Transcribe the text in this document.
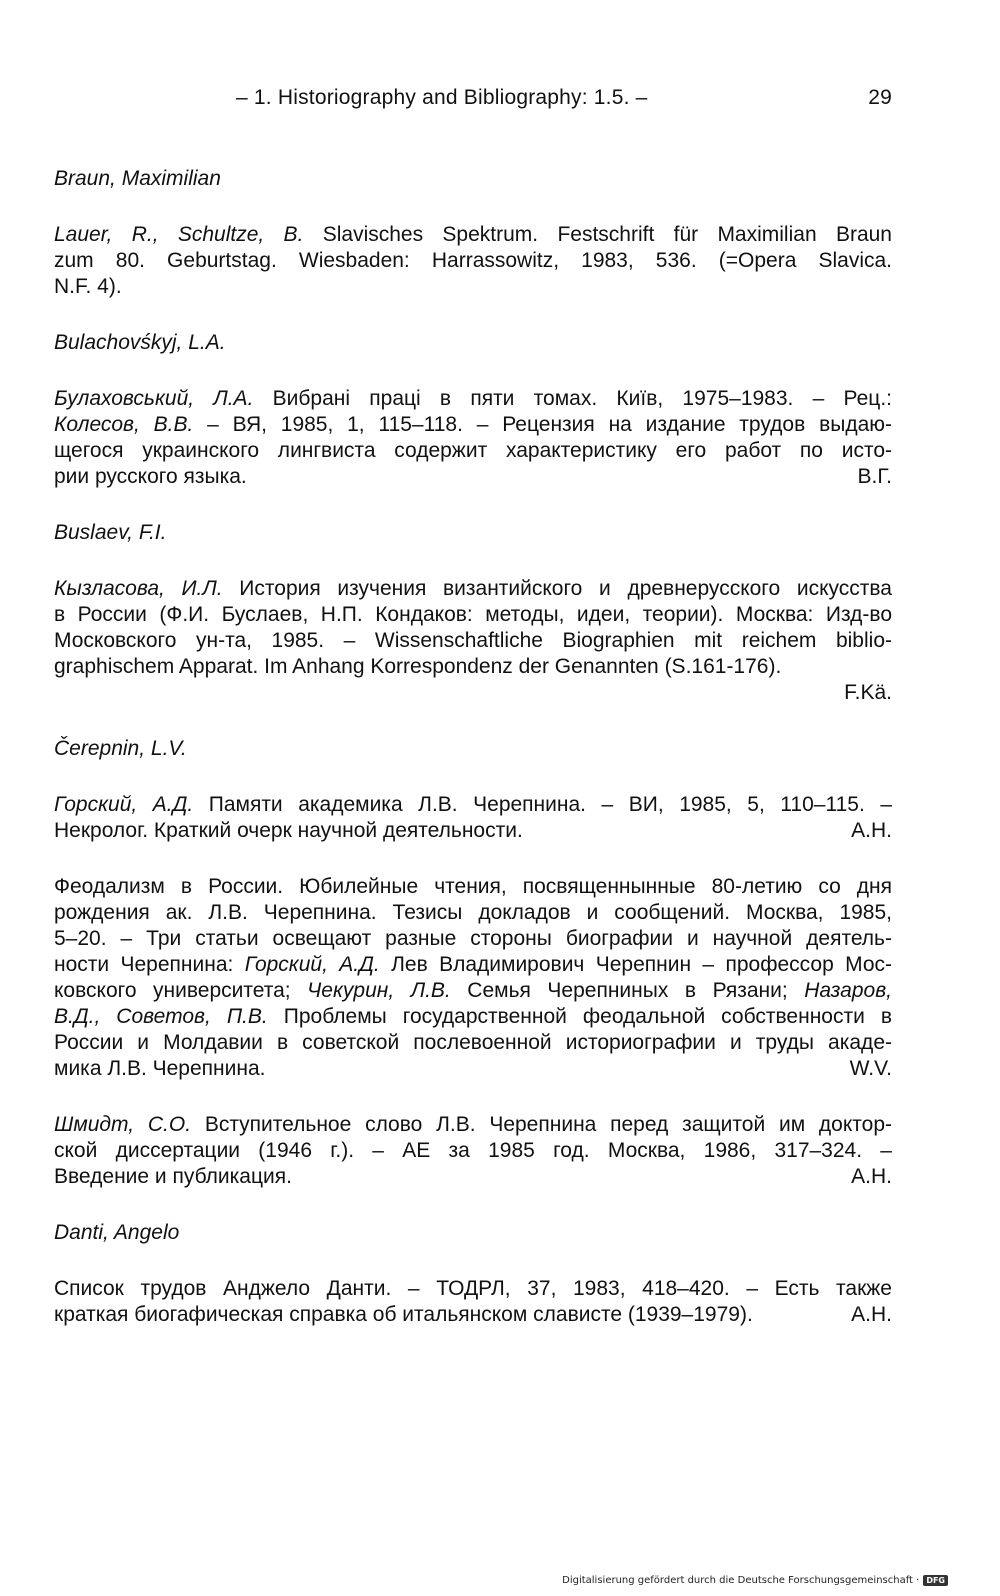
– 1. Historiography and Bibliography: 1.5. –	29
Braun, Maximilian
Lauer, R., Schultze, B. Slavisches Spektrum. Festschrift für Maximilian Braun
zum 80. Geburtstag. Wiesbaden: Harrassowitz, 1983, 536. (=Opera Slavica.
N.F. 4).
Bulachovśkyj, L.A.
Булаховський, Л.А. Вибрані праці в пяти томах. Київ, 1975–1983. – Рец.:
Колесов, В.В. – ВЯ, 1985, 1, 115–118. – Рецензия на издание трудов выдаю-
щегося украинского лингвиста содержит характеристику его работ по исто-
рии русского языка.	В.Г.
Buslaev, F.I.
Кызласова, И.Л. История изучения византийского и древнерусского искусства
в России (Ф.И. Буслаев, Н.П. Кондаков: методы, идеи, теории). Москва: Изд-во
Московского ун-та, 1985. – Wissenschaftliche Biographien mit reichem biblio-
graphischem Apparat. Im Anhang Korrespondenz der Genannten (S.161-176).
F.Kä.
Čerepnin, L.V.
Горский, А.Д. Памяти академика Л.В. Черепнина. – ВИ, 1985, 5, 110–115. –
Некролог. Краткий очерк научной деятельности.	А.Н.
Феодализм в России. Юбилейные чтения, посвященнынные 80-летию со дня
рождения ак. Л.В. Черепнина. Тезисы докладов и сообщений. Москва, 1985,
5–20. – Три статьи освещают разные стороны биографии и научной деятель-
ности Черепнина: Горский, А.Д. Лев Владимирович Черепнин – профессор Мос-
ковского университета; Чекурин, Л.В. Семья Черепниных в Рязани; Назаров,
В.Д., Советов, П.В. Проблемы государственной феодальной собственности в
России и Молдавии в советской послевоенной историографии и труды акаде-
мика Л.В. Черепнина.	W.V.
Шмидт, С.О. Вступительное слово Л.В. Черепнина перед защитой им доктор-
ской диссертации (1946 г.). – АЕ за 1985 год. Москва, 1986, 317–324. –
Введение и публикация.	А.Н.
Danti, Angelo
Список трудов Анджело Данти. – ТОДРЛ, 37, 1983, 418–420. – Есть также
краткая биогафическая справка об итальянском слависте (1939–1979).	А.Н.
Digitalisierung gefördert durch die Deutsche Forschungsgemeinschaft · DFG
